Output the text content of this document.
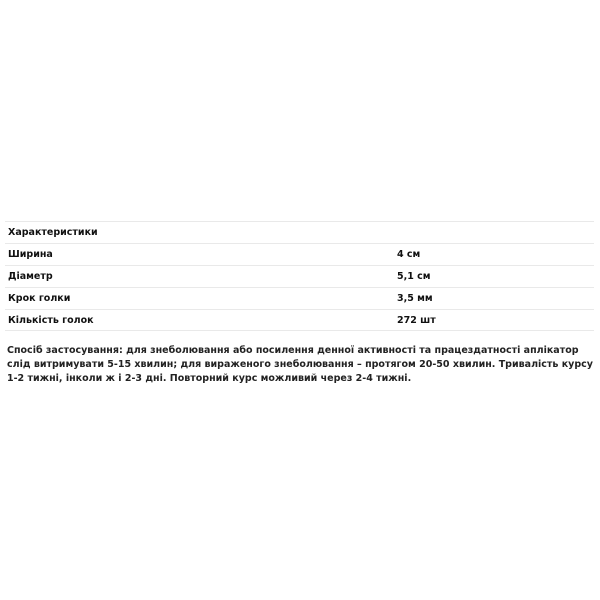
Характеристики
Ширина	4 см
Діаметр	5,1 см
Крок голки	3,5 мм
Кількість голок	272 шт

Спосіб застосування: для знеболювання або посилення денної активності та працездатності аплікатор слід витримувати 5-15 хвилин; для вираженого знеболювання – протягом 20-50 хвилин. Тривалість курсу 1-2 тижні, інколи ж і 2-3 дні. Повторний курс можливий через 2-4 тижні.
